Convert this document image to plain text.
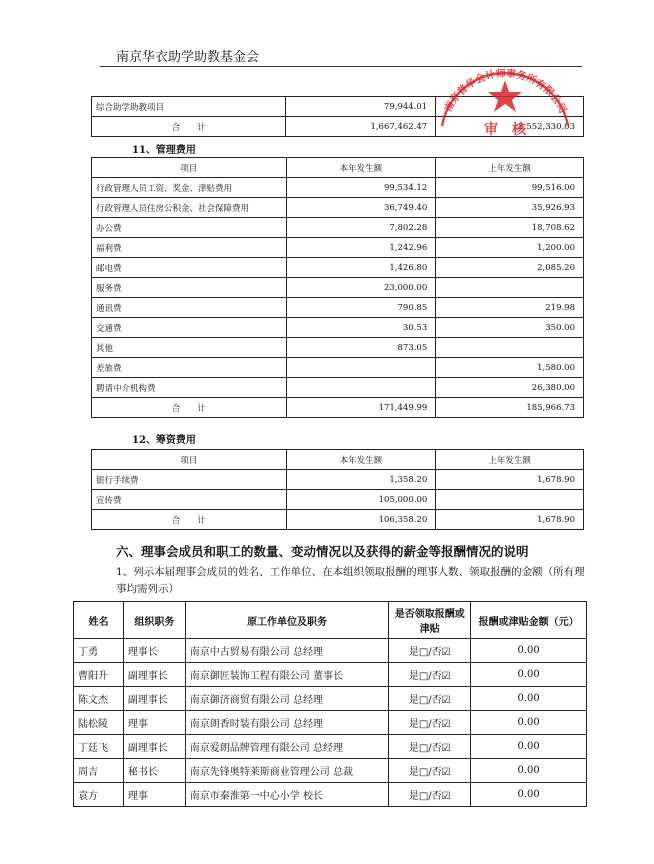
南京华衣助学助教基金会
综合助学助教项目	79,944.01	
合　　计	1,667,462.47	2,552,330.03
11、管理费用
项目	本年发生额	上年发生额
行政管理人员工资、奖金、津贴费用	99,534.12	99,516.00
行政管理人员住房公积金、社会保障费用	36,749.40	35,926.93
办公费	7,802.28	18,708.62
福利费	1,242.96	1,200.00
邮电费	1,426.80	2,085.20
服务费	23,000.00	
通讯费	790.85	219.98
交通费	30.53	350.00
其他	873.05	
差旅费		1,580.00
聘请中介机构费		26,380.00
合　　计	171,449.99	185,966.73
12、筹资费用
项目	本年发生额	上年发生额
银行手续费	1,358.20	1,678.90
宣传费	105,000.00	
合　　计	106,358.20	1,678.90
六、理事会成员和职工的数量、变动情况以及获得的薪金等报酬情况的说明
1、列示本届理事会成员的姓名、工作单位、在本组织领取报酬的理事人数、领取报酬的金额（所有理事均需列示）
姓名	组织职务	原工作单位及职务	是否领取报酬或津贴	报酬或津贴金额（元）
丁勇	理事长	南京中古贸易有限公司 总经理	是□/否☑	0.00
曹阳升	副理事长	南京御匠装饰工程有限公司 董事长	是□/否☑	0.00
陈文杰	副理事长	南京御济商贸有限公司 总经理	是□/否☑	0.00
陆松陵	理事	南京朗香时装有限公司 总经理	是□/否☑	0.00
丁廷飞	副理事长	南京爱朗品牌管理有限公司 总经理	是□/否☑	0.00
周吉	秘书长	南京先锋奥特莱斯商业管理公司 总裁	是□/否☑	0.00
袁方	理事	南京市秦淮第一中心小学 校长	是□/否☑	0.00
南京普华会计师事务所有限公司
审　核
